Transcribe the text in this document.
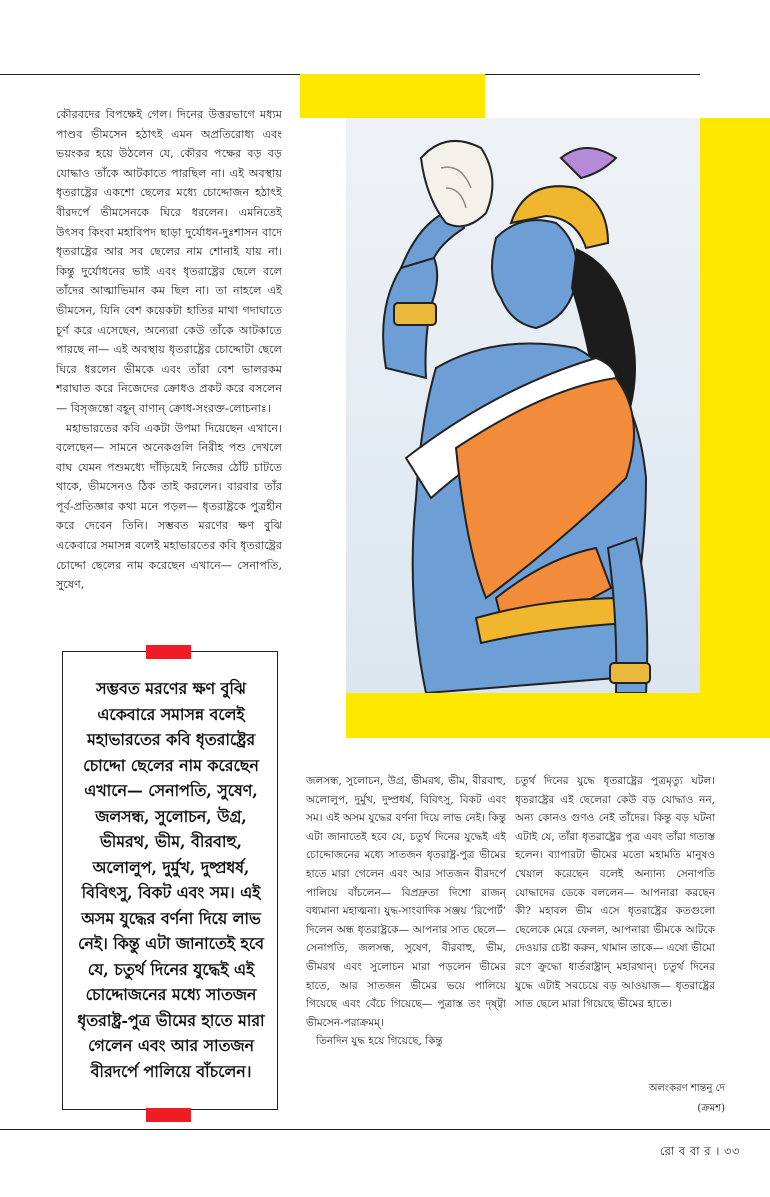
কৌরবদের বিপক্ষেই গেল। দিনের উত্তরভাগে মধ্যম পাণ্ডব ভীমসেন হঠাৎই এমন অপ্রতিরোধ্য এবং ভয়ংকর হয়ে উঠলেন যে, কৌরব পক্ষের বড় বড় যোদ্ধাও তাঁকে আটকাতে পারছিল না। এই অবস্থায় ধৃতরাষ্ট্রের একশো ছেলের মধ্যে চোদ্দোজন হঠাৎই বীরদর্পে ভীমসেনকে ঘিরে ধরলেন। এমনিতেই উৎসব কিংবা মহাবিপদ ছাড়া দুর্যোধন-দুঃশাসন বাদে ধৃতরাষ্ট্রের আর সব ছেলের নাম শোনাই যায় না। কিন্তু দুর্যোধনের ভাই এবং ধৃতরাষ্ট্রের ছেলে বলে তাঁদের আত্মাভিমান কম ছিল না। তা নাহলে এই ভীমসেন, যিনি বেশ কয়েকটা হাতির মাথা গদাঘাতে চূর্ণ করে এসেছেন, অন্যেরা কেউ তাঁকে আটকাতে পারছে না— এই অবস্থায় ধৃতরাষ্ট্রের চোদ্দোটা ছেলে ঘিরে ধরলেন ভীমকে এবং তাঁরা বেশ ভালরকম শরাঘাত করে নিজেদের ক্রোধও প্রকট করে বসলেন— বিসৃজন্তো বহূন্ বাণান্ ক্রোধ-সংরক্ত-লোচনাঃ।

মহাভারতের কবি একটা উপমা দিয়েছেন এখানে। বলেছেন— সামনে অনেকগুলি নিরীহ পশু দেখলে বাঘ যেমন পশুমধ্যে দাঁড়িয়েই নিজের ঠোঁট চাটতে থাকে, ভীমসেনও ঠিক তাই করলেন। বারবার তাঁর পূর্ব-প্রতিজ্ঞার কথা মনে পড়ল— ধৃতরাষ্ট্রকে পুত্রহীন করে দেবেন তিনি। সম্ভবত মরণের ক্ষণ বুঝি একেবারে সমাসন্ন বলেই মহাভারতের কবি ধৃতরাষ্ট্রের চোদ্দো ছেলের নাম করেছেন এখানে— সেনাপতি, সুষেণ,

সম্ভবত মরণের ক্ষণ বুঝি একেবারে সমাসন্ন বলেই মহাভারতের কবি ধৃতরাষ্ট্রের চোদ্দো ছেলের নাম করেছেন এখানে— সেনাপতি, সুষেণ, জলসন্ধ, সুলোচন, উগ্র, ভীমরথ, ভীম, বীরবাহু, অলোলুপ, দুর্মুখ, দুষ্প্রধর্ষ, বিবিৎসু, বিকট এবং সম। এই অসম যুদ্ধের বর্ণনা দিয়ে লাভ নেই। কিন্তু এটা জানাতেই হবে যে, চতুর্থ দিনের যুদ্ধেই এই চোদ্দোজনের মধ্যে সাতজন ধৃতরাষ্ট্র-পুত্র ভীমের হাতে মারা গেলেন এবং আর সাতজন বীরদর্পে পালিয়ে বাঁচলেন।

জলসন্ধ, সুলোচন, উগ্র, ভীমরথ, ভীম, বীরবাহু, অলোলুপ, দুর্মুখ, দুষ্প্রধর্ষ, বিবিৎসু, বিকট এবং সম। এই অসম যুদ্ধের বর্ণনা দিয়ে লাভ নেই। কিন্তু এটা জানাতেই হবে যে, চতুর্থ দিনের যুদ্ধেই এই চোদ্দোজনের মধ্যে সাতজন ধৃতরাষ্ট্র-পুত্র ভীমের হাতে মারা গেলেন এবং আর সাতজন বীরদর্পে পালিয়ে বাঁচলেন— বিপ্রদ্রুতা দিশো রাজন্ বধ্যমানা মহাত্মনা। যুদ্ধ-সাংবাদিক সঞ্জয় ‘রিপোর্ট’ দিলেন অন্ধ ধৃতরাষ্ট্রকে— আপনার সাত ছেলে— সেনাপতি, জলসন্ধ, সুষেণ, বীরবাহু, ভীম, ভীমরথ এবং সুলোচন মারা পড়লেন ভীমের হাতে, আর সাতজন ভীমের ভয়ে পালিয়ে গিয়েছে এবং বেঁচে গিয়েছে— পুত্রাস্ত তং দৃষ্ট্বা ভীমসেন-পরাক্রমম্।

তিনদিন যুদ্ধ হয়ে গিয়েছে, কিন্তু

চতুর্থ দিনের যুদ্ধে ধৃতরাষ্ট্রের পুত্রমৃত্যু ঘটল। ধৃতরাষ্ট্রের এই ছেলেরা কেউ বড় যোদ্ধাও নন, অন্য কোনও গুণও নেই তাঁদের। কিন্তু বড় ঘটনা এটাই যে, তাঁরা ধৃতরাষ্ট্রের পুত্র এবং তাঁরা গতাস্ত হলেন। ব্যাপারটা ভীমের মতো মহামতি মানুষও খেয়াল করেছেন বলেই অন্যান্য সেনাপতি যোদ্ধাদের ডেকে বললেন— আপনারা করছেন কী? মহাবল ভীম এসে ধৃতরাষ্ট্রের কতগুলো ছেলেকে মেরে ফেলল, আপনারা ভীমকে আটকে দেওয়ার চেষ্টা করুন, থামান তাকে— এষো ভীমো রণে ক্রুদ্ধো ধার্তরাষ্ট্রান্ মহারথান্। চতুর্থ দিনের যুদ্ধে এটাই সবচেয়ে বড় আওয়াজ— ধৃতরাষ্ট্রের সাত ছেলে মারা গিয়েছে ভীমের হাতে।

অলংকরণ শান্তনু দে
(ক্রমশ)
রো ব বা র । ৩৩
